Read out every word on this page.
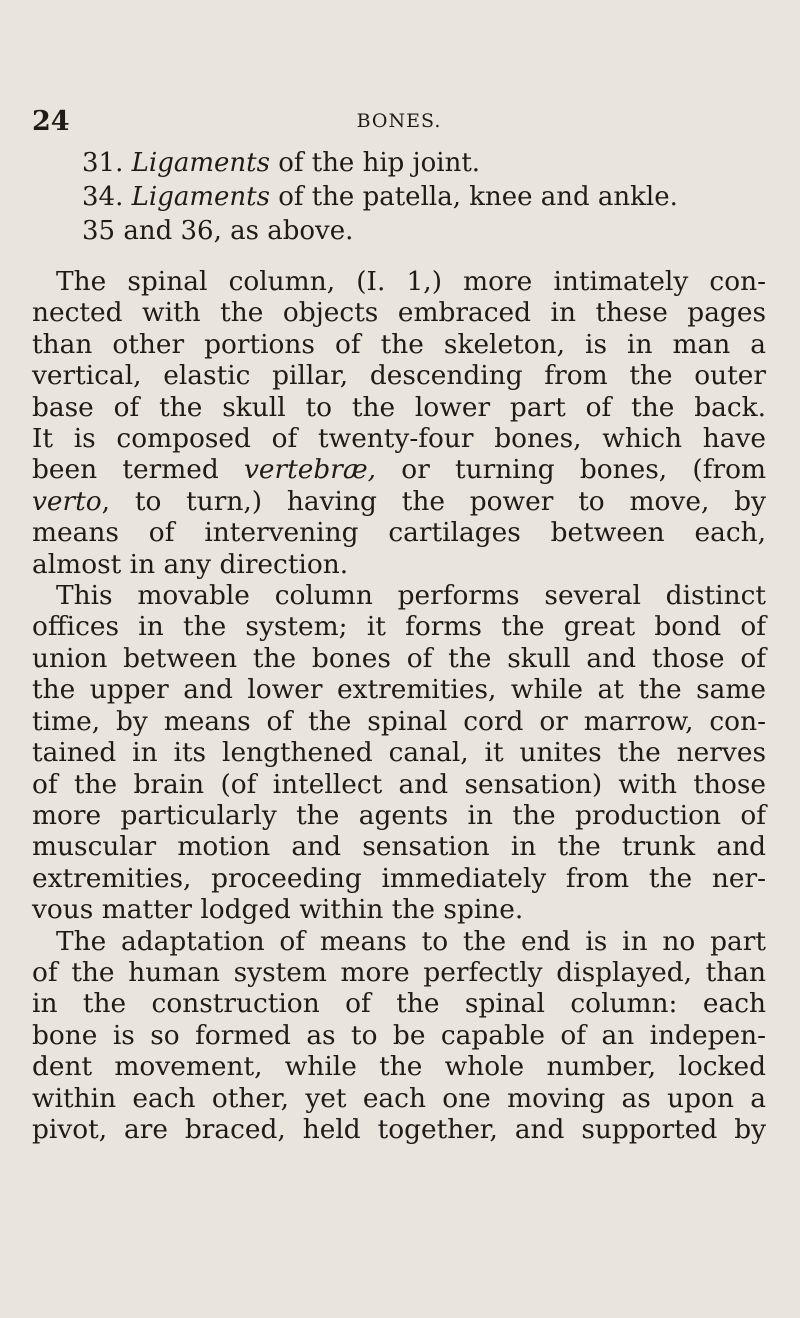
24	BONES.
31. Ligaments of the hip joint.
34. Ligaments of the patella, knee and ankle.
35 and 36, as above.
The spinal column, (I. 1,) more intimately con-
nected with the objects embraced in these pages
than other portions of the skeleton, is in man a
vertical, elastic pillar, descending from the outer
base of the skull to the lower part of the back.
It is composed of twenty-four bones, which have
been termed vertebræ, or turning bones, (from
verto, to turn,) having the power to move, by
means of intervening cartilages between each,
almost in any direction.
This movable column performs several distinct
offices in the system; it forms the great bond of
union between the bones of the skull and those of
the upper and lower extremities, while at the same
time, by means of the spinal cord or marrow, con-
tained in its lengthened canal, it unites the nerves
of the brain (of intellect and sensation) with those
more particularly the agents in the production of
muscular motion and sensation in the trunk and
extremities, proceeding immediately from the ner-
vous matter lodged within the spine.
The adaptation of means to the end is in no part
of the human system more perfectly displayed, than
in the construction of the spinal column: each
bone is so formed as to be capable of an indepen-
dent movement, while the whole number, locked
within each other, yet each one moving as upon a
pivot, are braced, held together, and supported by
